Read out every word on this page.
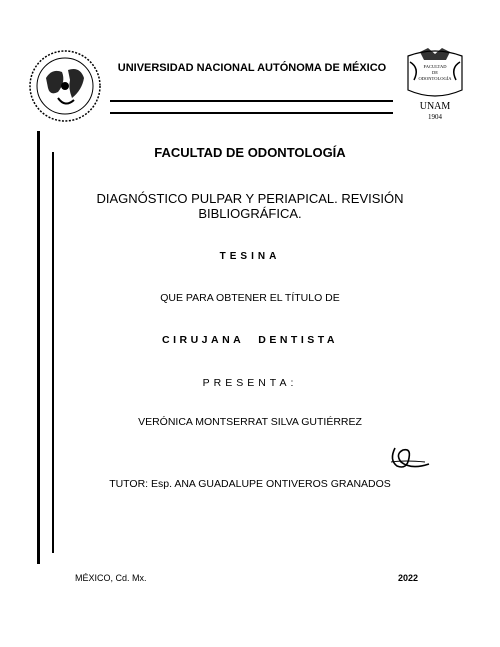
UNIVERSIDAD NACIONAL AUTÓNOMA DE MÉXICO	FACULTAD
DE
ODONTOLOGÍA
UNAM
1904
FACULTAD DE ODONTOLOGÍA
DIAGNÓSTICO PULPAR Y PERIAPICAL. REVISIÓN
BIBLIOGRÁFICA.
TESINA
QUE PARA OBTENER EL TÍTULO DE
CIRUJANA DENTISTA
PRESENTA:
VERÓNICA MONTSERRAT SILVA GUTIÉRREZ
TUTOR: Esp. ANA GUADALUPE ONTIVEROS GRANADOS
MÉXICO, Cd. Mx.	2022
